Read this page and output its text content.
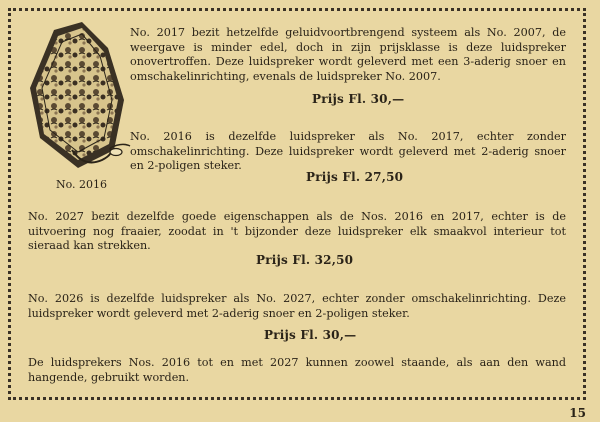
No. 2016
No. 2017 bezit hetzelfde geluidvoortbrengend systeem als No. 2007, de weergave is minder edel, doch in zijn prijsklasse is deze luidspreker onovertroffen. Deze luidspreker wordt geleverd met een 3-aderig snoer en omschakelinrichting, evenals de luidspreker No. 2007.
Prijs Fl. 30,—
No. 2016 is dezelfde luidspreker als No. 2017, echter zonder omschakelinrichting. Deze luidspreker wordt geleverd met 2-aderig snoer en 2-poligen steker.
Prijs Fl. 27,50
No. 2027 bezit dezelfde goede eigenschappen als de Nos. 2016 en 2017, echter is de uitvoering nog fraaier, zoodat in 't bijzonder deze luidspreker elk smaakvol interieur tot sieraad kan strekken.
Prijs Fl. 32,50
No. 2026 is dezelfde luidspreker als No. 2027, echter zonder omschakelinrichting. Deze luidspreker wordt geleverd met 2-aderig snoer en 2-poligen steker.
Prijs Fl. 30,—
De luidsprekers Nos. 2016 tot en met 2027 kunnen zoowel staande, als aan den wand hangende, gebruikt worden.
15
